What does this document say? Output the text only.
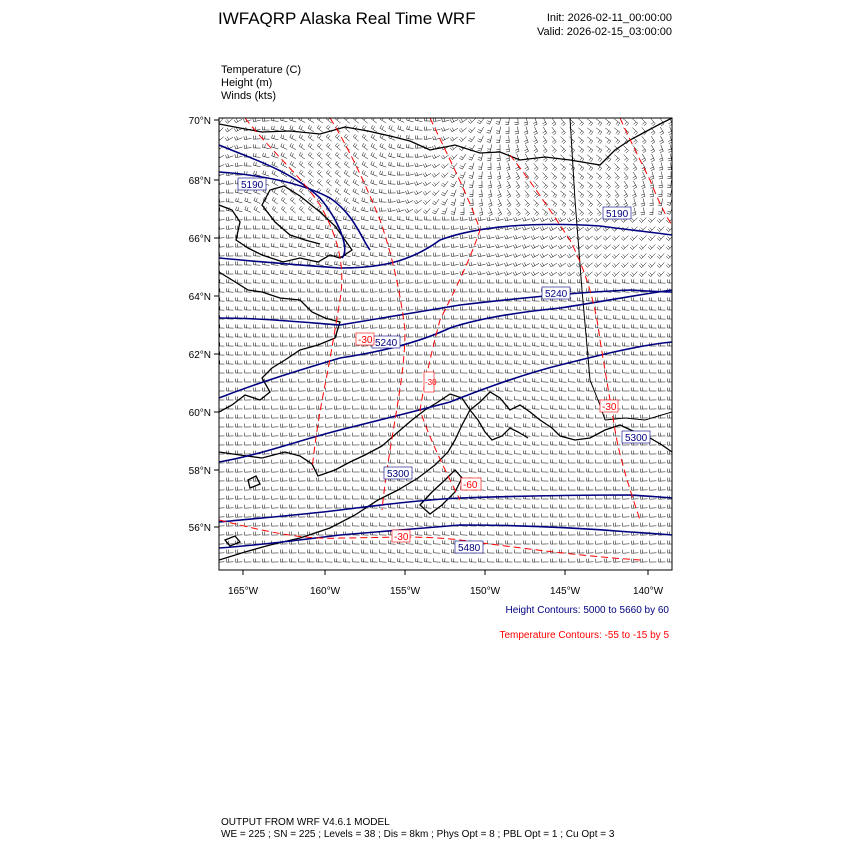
IWFAQRP Alaska Real Time WRF	Init: 2026-02-11_00:00:00
Valid: 2026-02-15_03:00:00
Temperature (C)
Height (m)
Winds (kts)
5190
5190
5240
5240
5300
5300
5480
-30
-30
-30
-60
-30
70°N
68°N
66°N
64°N
62°N
60°N
58°N
56°N
165°W	160°W	155°W	150°W	145°W	140°W
Height Contours: 5000 to 5660 by 60
Temperature Contours: -55 to -15 by 5
OUTPUT FROM WRF V4.6.1 MODEL
WE = 225 ; SN = 225 ; Levels = 38 ; Dis = 8km ; Phys Opt = 8 ; PBL Opt = 1 ; Cu Opt = 3
